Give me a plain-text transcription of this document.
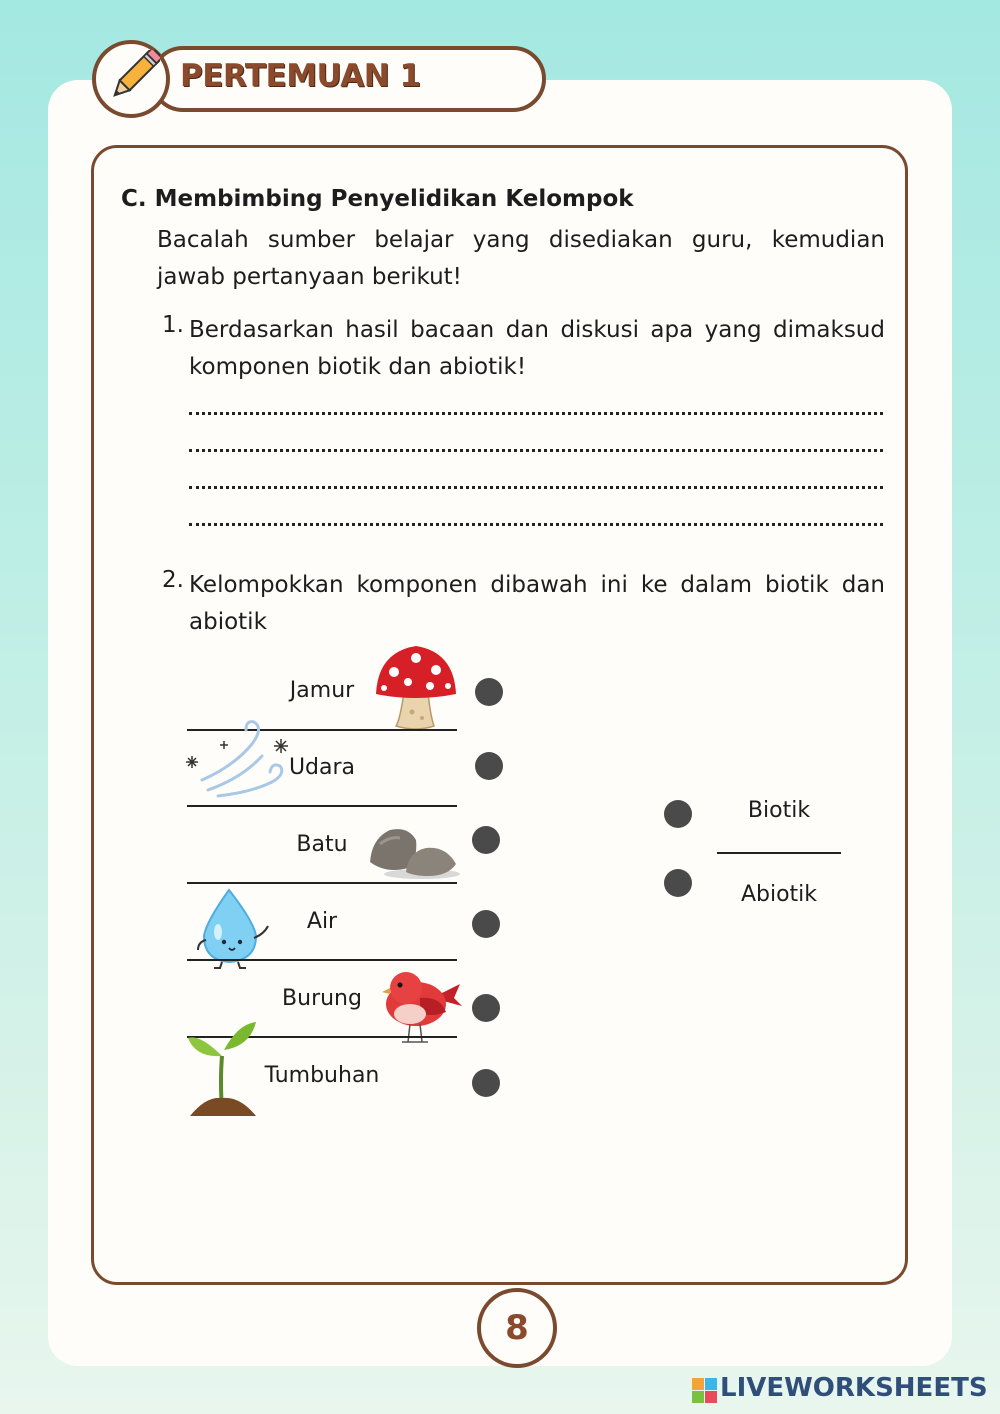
PERTEMUAN 1
C. Membimbing Penyelidikan Kelompok
Bacalah sumber belajar yang disediakan guru, kemudian jawab pertanyaan berikut!
1. Berdasarkan hasil bacaan dan diskusi apa yang dimaksud komponen biotik dan abiotik!
2. Kelompokkan komponen dibawah ini ke dalam biotik dan abiotik
Jamur
Udara
Batu
Air
Burung
Tumbuhan
Biotik
Abiotik
8
LIVEWORKSHEETS
